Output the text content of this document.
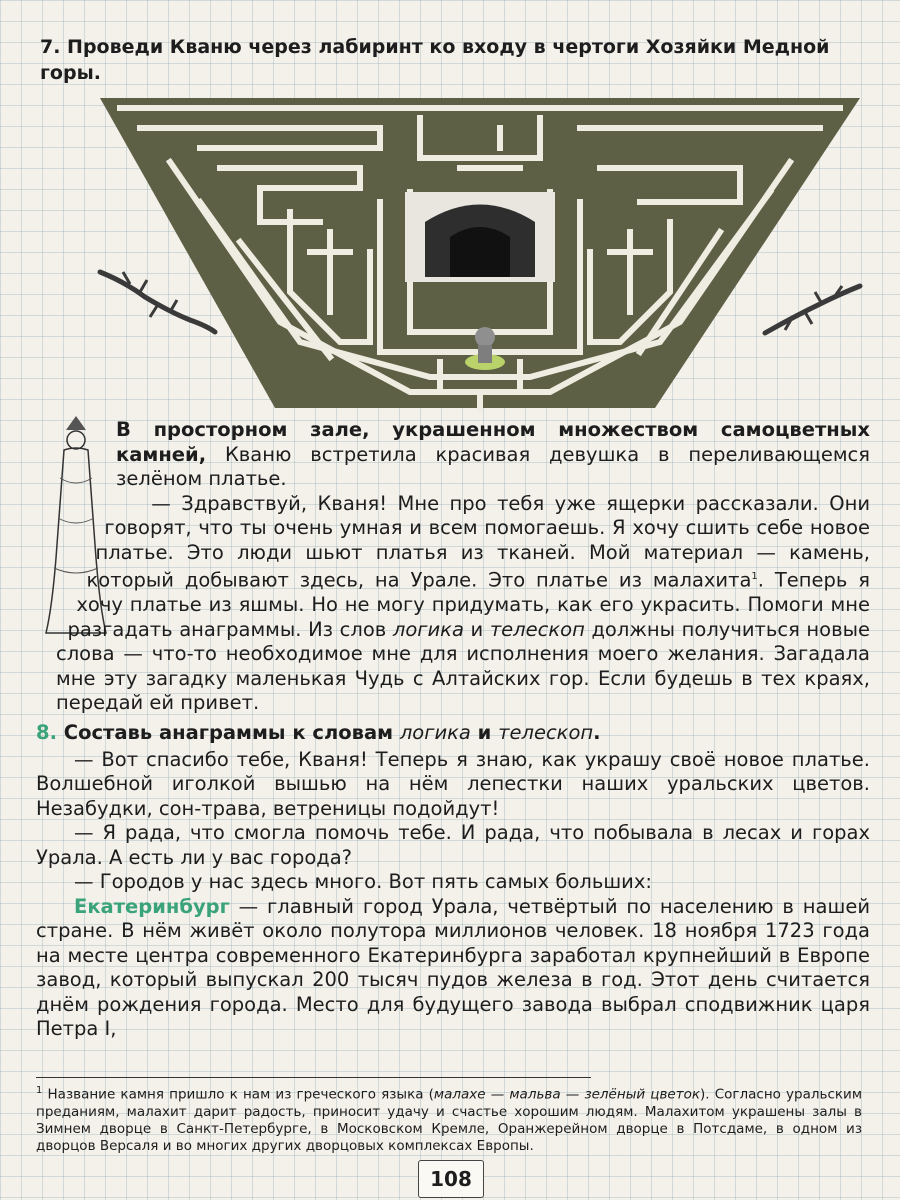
7. Проведи Кваню через лабиринт ко входу в чертоги Хозяйки Медной горы.

В просторном зале, украшенном множеством самоцветных камней, Кваню встретила красивая девушка в переливающемся зелёном платье.

— Здравствуй, Кваня! Мне про тебя уже ящерки рассказали. Они говорят, что ты очень умная и всем помогаешь. Я хочу сшить себе новое платье. Это люди шьют платья из тканей. Мой материал — камень, который добывают здесь, на Урале. Это платье из малахита$^1$. Теперь я хочу платье из яшмы. Но не могу придумать, как его украсить. Помоги мне разгадать анаграммы. Из слов логика и телескоп должны получиться новые слова — что-то необходимое мне для исполнения моего желания. Загадала мне эту загадку маленькая Чудь с Алтайских гор. Если будешь в тех краях, передай ей привет.

8. Составь анаграммы к словам логика и телескоп.

— Вот спасибо тебе, Кваня! Теперь я знаю, как украшу своё новое платье. Волшебной иголкой вышью на нём лепестки наших уральских цветов. Незабудки, сон-трава, ветреницы подойдут!

— Я рада, что смогла помочь тебе. И рада, что побывала в лесах и горах Урала. А есть ли у вас города?

— Городов у нас здесь много. Вот пять самых больших:

Екатеринбург — главный город Урала, четвёртый по населению в нашей стране. В нём живёт около полутора миллионов человек. 18 ноября 1723 года на месте центра современного Екатеринбурга заработал крупнейший в Европе завод, который выпускал 200 тысяч пудов железа в год. Этот день считается днём рождения города. Место для будущего завода выбрал сподвижник царя Петра I,

$^1$ Название камня пришло к нам из греческого языка (малахе — мальва — зелёный цветок). Согласно уральским преданиям, малахит дарит радость, приносит удачу и счастье хорошим людям. Малахитом украшены залы в Зимнем дворце в Санкт-Петербурге, в Московском Кремле, Оранжерейном дворце в Потсдаме, в одном из дворцов Версаля и во многих других дворцовых комплексах Европы.
108
